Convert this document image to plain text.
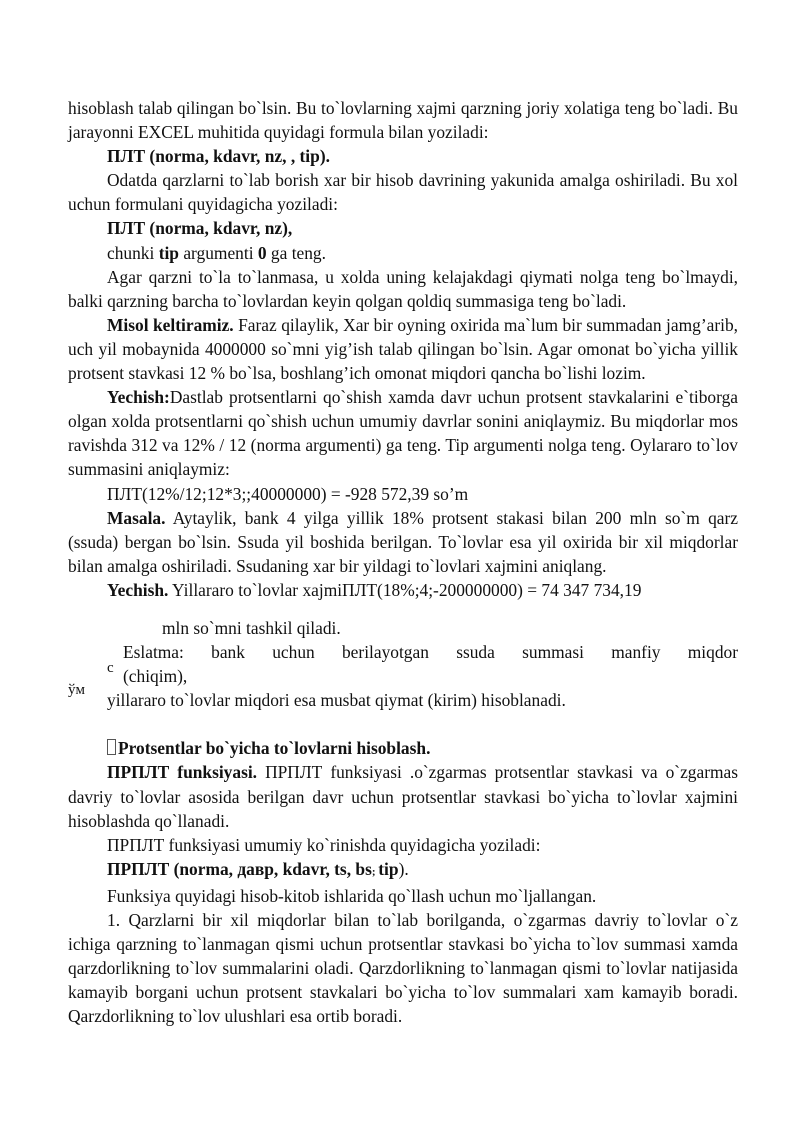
hisoblash talab qilingan bo`lsin. Bu to`lovlarning xajmi qarzning joriy xolatiga teng bo`ladi. Bu jarayonni EXCEL muhitida quyidagi formula bilan yoziladi:

ПЛТ (norma, kdavr, nz, , tip).

Odatda qarzlarni to`lab borish xar bir hisob davrining yakunida amalga oshiriladi. Bu xol uchun formulani quyidagicha yoziladi:

ПЛТ (norma, kdavr, nz),

chunki tip argumenti 0 ga teng.

Agar qarzni to`la to`lanmasa, u xolda uning kelajakdagi qiymati nolga teng bo`lmaydi, balki qarzning barcha to`lovlardan keyin qolgan qoldiq summasiga teng bo`ladi.

Misol keltiramiz. Faraz qilaylik, Xar bir oyning oxirida ma`lum bir summadan jamg’arib, uch yil mobaynida 4000000 so`mni yig’ish talab qilingan bo`lsin. Agar omonat bo`yicha yillik protsent stavkasi 12 % bo`lsa, boshlang’ich omonat miqdori qancha bo`lishi lozim.

Yechish:Dastlab protsentlarni qo`shish xamda davr uchun protsent stavkalarini e`tiborga olgan xolda protsentlarni qo`shish uchun umumiy davrlar sonini aniqlaymiz. Bu miqdorlar mos ravishda 312 va 12% / 12 (norma argumenti) ga teng. Tip argumenti nolga teng. Oylararo to`lov summasini aniqlaymiz:

ПЛТ(12%/12;12*3;;40000000) = -928 572,39 so’m

Masala. Aytaylik, bank 4 yilga yillik 18% protsent stakasi bilan 200 mln so`m qarz (ssuda) bergan bo`lsin. Ssuda yil boshida berilgan. To`lovlar esa yil oxirida bir xil miqdorlar bilan amalga oshiriladi. Ssudaning xar bir yildagi to`lovlari xajmini aniqlang.

Yechish. Yillararo to`lovlar xajmiПЛТ(18%;4;-200000000) = 74 347 734,19

mln so`mni tashkil qiladi.

Eslatma: bank uchun berilayotgan ssuda summasi manfiy miqdor

(chiqim),

yillararo to`lovlar miqdori esa musbat qiymat (kirim) hisoblanadi.

Protsentlar bo`yicha to`lovlarni hisoblash.

ПРПЛТ funksiyasi. ПРПЛТ funksiyasi .o`zgarmas protsentlar stavkasi va o`zgarmas davriy to`lovlar asosida berilgan davr uchun protsentlar stavkasi bo`yicha to`lovlar xajmini hisoblashda qo`llanadi.

ПРПЛТ funksiyasi umumiy ko`rinishda quyidagicha yoziladi:

ПРПЛТ (norma, давр, kdavr, ts, bs; tip).

Funksiya quyidagi hisob-kitob ishlarida qo`llash uchun mo`ljallangan.

1. Qarzlarni bir xil miqdorlar bilan to`lab borilganda, o`zgarmas davriy to`lovlar o`z ichiga qarzning to`lanmagan qismi uchun protsentlar stavkasi bo`yicha to`lov summasi xamda qarzdorlikning to`lov summalarini oladi. Qarzdorlikning to`lanmagan qismi to`lovlar natijasida kamayib borgani uchun protsent stavkalari bo`yicha to`lov summalari xam kamayib boradi. Qarzdorlikning to`lov ulushlari esa ortib boradi.

с
ўм
